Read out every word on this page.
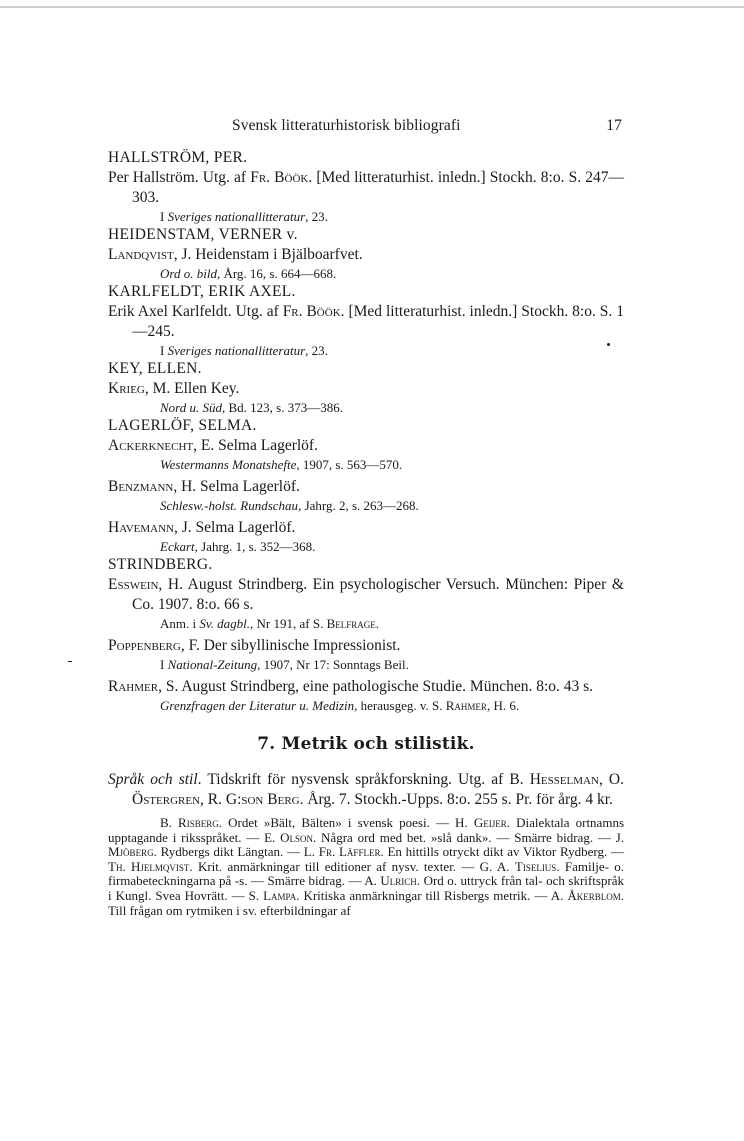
Svensk litteraturhistorisk bibliografi	17
HALLSTRÖM, PER.
Per Hallström. Utg. af Fr. Böök. [Med litteraturhist. inledn.] Stockh. 8:o. S. 247—303.
I Sveriges nationallitteratur, 23.
HEIDENSTAM, VERNER v.
Landqvist, J. Heidenstam i Bjälboarfvet.
Ord o. bild, Årg. 16, s. 664—668.
KARLFELDT, ERIK AXEL.
Erik Axel Karlfeldt. Utg. af Fr. Böök. [Med litteraturhist. inledn.] Stockh. 8:o. S. 1—245.
I Sveriges nationallitteratur, 23.
KEY, ELLEN.
Krieg, M. Ellen Key.
Nord u. Süd, Bd. 123, s. 373—386.
LAGERLÖF, SELMA.
Ackerknecht, E. Selma Lagerlöf.
Westermanns Monatshefte, 1907, s. 563—570.
Benzmann, H. Selma Lagerlöf.
Schlesw.-holst. Rundschau, Jahrg. 2, s. 263—268.
Havemann, J. Selma Lagerlöf.
Eckart, Jahrg. 1, s. 352—368.
STRINDBERG.
Esswein, H. August Strindberg. Ein psychologischer Versuch. München: Piper & Co. 1907. 8:o. 66 s.
Anm. i Sv. dagbl., Nr 191, af S. Belfrage.
Poppenberg, F. Der sibyllinische Impressionist.
I National-Zeitung, 1907, Nr 17: Sonntags Beil.
Rahmer, S. August Strindberg, eine pathologische Studie. München. 8:o. 43 s.
Grenzfragen der Literatur u. Medizin, herausgeg. v. S. Rahmer, H. 6.
7. Metrik och stilistik.
Språk och stil. Tidskrift för nysvensk språkforskning. Utg. af B. Hesselman, O. Östergren, R. G:son Berg. Årg. 7. Stockh.-Upps. 8:o. 255 s. Pr. för årg. 4 kr.
B. Risberg. Ordet »Bält, Bälten» i svensk poesi. — H. Geijer. Dialektala ortnamns upptagande i riksspråket. — E. Olson. Några ord med bet. »slå dank». — Smärre bidrag. — J. Mjöberg. Rydbergs dikt Längtan. — L. Fr. Läffler. En hittills otryckt dikt av Viktor Rydberg. — Th. Hjelmqvist. Krit. anmärkningar till editioner af nysv. texter. — G. A. Tiselius. Familje- o. firmabeteckningarna på -s. — Smärre bidrag. — A. Ulrich. Ord o. uttryck från tal- och skriftspråk i Kungl. Svea Hovrätt. — S. Lampa. Kritiska anmärkningar till Risbergs metrik. — A. Åkerblom. Till frågan om rytmiken i sv. efterbildningar af
